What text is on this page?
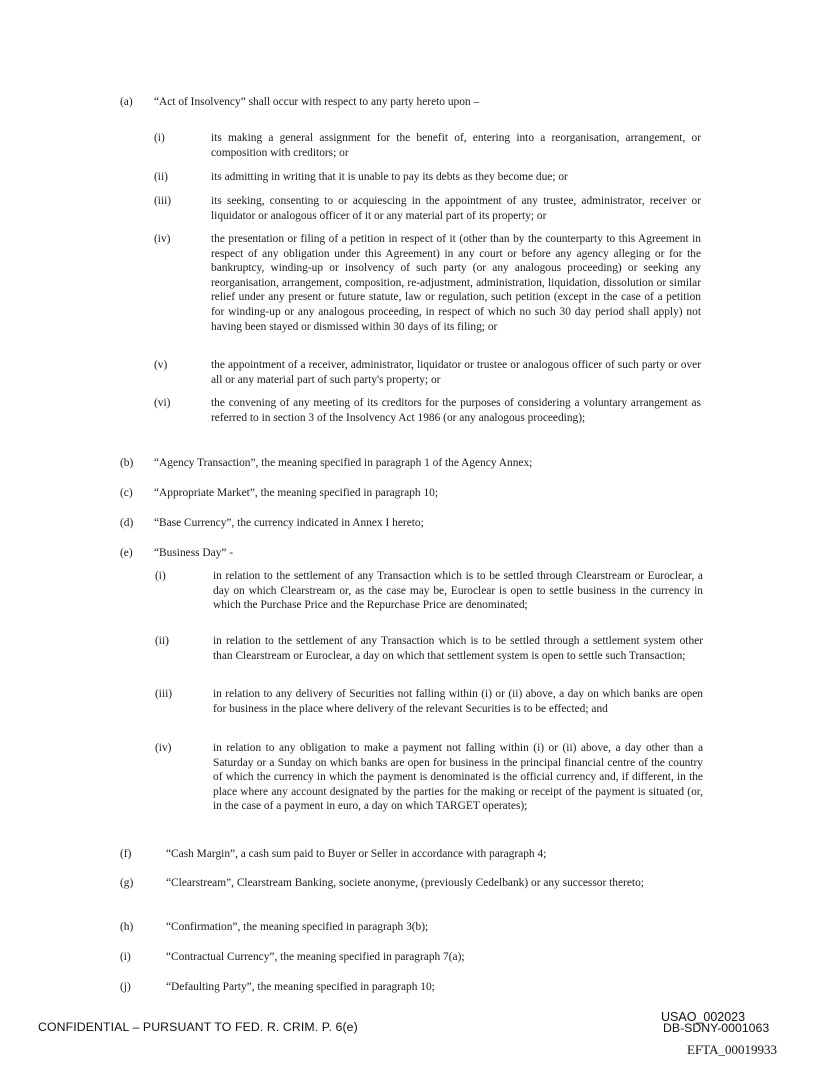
(a) “Act of Insolvency” shall occur with respect to any party hereto upon –
(i)	its making a general assignment for the benefit of, entering into a reorganisation, arrangement, or composition with creditors; or
(ii)	its admitting in writing that it is unable to pay its debts as they become due; or
(iii)	its seeking, consenting to or acquiescing in the appointment of any trustee, administrator, receiver or liquidator or analogous officer of it or any material part of its property; or
(iv)	the presentation or filing of a petition in respect of it (other than by the counterparty to this Agreement in respect of any obligation under this Agreement) in any court or before any agency alleging or for the bankruptcy, winding-up or insolvency of such party (or any analogous proceeding) or seeking any reorganisation, arrangement, composition, re-adjustment, administration, liquidation, dissolution or similar relief under any present or future statute, law or regulation, such petition (except in the case of a petition for winding-up or any analogous proceeding, in respect of which no such 30 day period shall apply) not having been stayed or dismissed within 30 days of its filing; or
(v)	the appointment of a receiver, administrator, liquidator or trustee or analogous officer of such party or over all or any material part of such party's property; or
(vi)	the convening of any meeting of its creditors for the purposes of considering a voluntary arrangement as referred to in section 3 of the Insolvency Act 1986 (or any analogous proceeding);
(b) “Agency Transaction”, the meaning specified in paragraph 1 of the Agency Annex;
(c) “Appropriate Market”, the meaning specified in paragraph 10;
(d) “Base Currency”, the currency indicated in Annex I hereto;
(e) “Business Day” -
(i)	in relation to the settlement of any Transaction which is to be settled through Clearstream or Euroclear, a day on which Clearstream or, as the case may be, Euroclear is open to settle business in the currency in which the Purchase Price and the Repurchase Price are denominated;
(ii)	in relation to the settlement of any Transaction which is to be settled through a settlement system other than Clearstream or Euroclear, a day on which that settlement system is open to settle such Transaction;
(iii)	in relation to any delivery of Securities not falling within (i) or (ii) above, a day on which banks are open for business in the place where delivery of the relevant Securities is to be effected; and
(iv)	in relation to any obligation to make a payment not falling within (i) or (ii) above, a day other than a Saturday or a Sunday on which banks are open for business in the principal financial centre of the country of which the currency in which the payment is denominated is the official currency and, if different, in the place where any account designated by the parties for the making or receipt of the payment is situated (or, in the case of a payment in euro, a day on which TARGET operates);
(f)	“Cash Margin”, a cash sum paid to Buyer or Seller in accordance with paragraph 4;
(g)	“Clearstream”, Clearstream Banking, societe anonyme, (previously Cedelbank) or any successor thereto;
(h)	“Confirmation”, the meaning specified in paragraph 3(b);
(i)	“Contractual Currency”, the meaning specified in paragraph 7(a);
(j)	“Defaulting Party”, the meaning specified in paragraph 10;
CONFIDENTIAL – PURSUANT TO FED. R. CRIM. P. 6(e)
USAO_002023
DB-SDNY-0001063
EFTA_00019933
